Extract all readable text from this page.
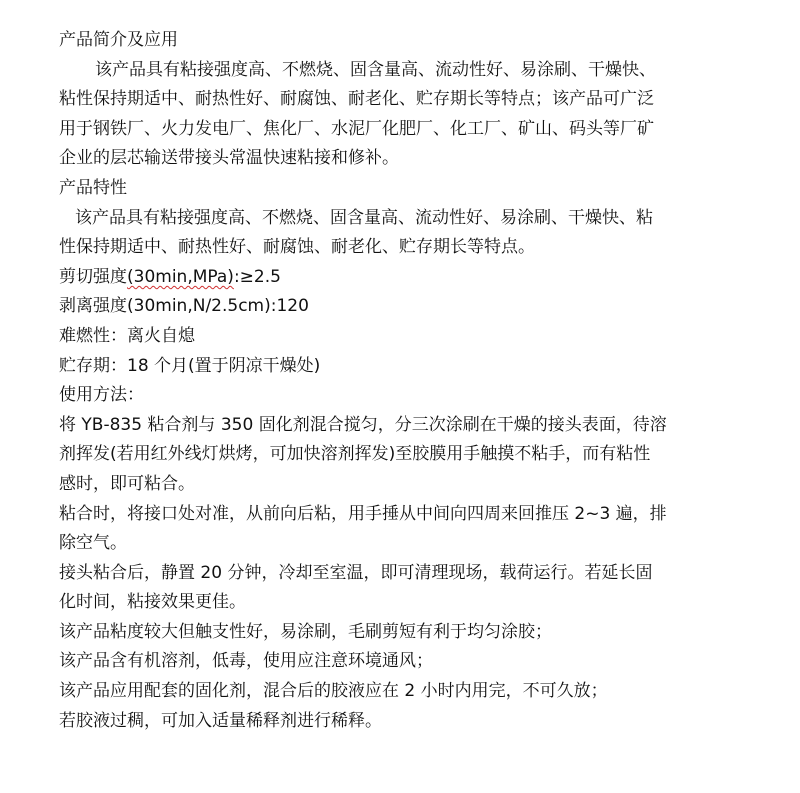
产品简介及应用
该产品具有粘接强度高、不燃烧、固含量高、流动性好、易涂刷、干燥快、
粘性保持期适中、耐热性好、耐腐蚀、耐老化、贮存期长等特点；该产品可广泛
用于钢铁厂、火力发电厂、焦化厂、水泥厂化肥厂、化工厂、矿山、码头等厂矿
企业的层芯输送带接头常温快速粘接和修补。
产品特性
该产品具有粘接强度高、不燃烧、固含量高、流动性好、易涂刷、干燥快、粘
性保持期适中、耐热性好、耐腐蚀、耐老化、贮存期长等特点。
剪切强度(30min,MPa):≥2.5
剥离强度(30min,N/2.5cm):120
难燃性：离火自熄
贮存期：18 个月(置于阴凉干燥处)
使用方法：
将 YB-835 粘合剂与 350 固化剂混合搅匀，分三次涂刷在干燥的接头表面，待溶
剂挥发(若用红外线灯烘烤，可加快溶剂挥发)至胶膜用手触摸不粘手，而有粘性
感时，即可粘合。
粘合时，将接口处对准，从前向后粘，用手捶从中间向四周来回推压 2~3 遍，排
除空气。
接头粘合后，静置 20 分钟，冷却至室温，即可清理现场，载荷运行。若延长固
化时间，粘接效果更佳。
该产品粘度较大但触支性好，易涂刷，毛刷剪短有利于均匀涂胶；
该产品含有机溶剂，低毒，使用应注意环境通风；
该产品应用配套的固化剂，混合后的胶液应在 2 小时内用完，不可久放；
若胶液过稠，可加入适量稀释剂进行稀释。
